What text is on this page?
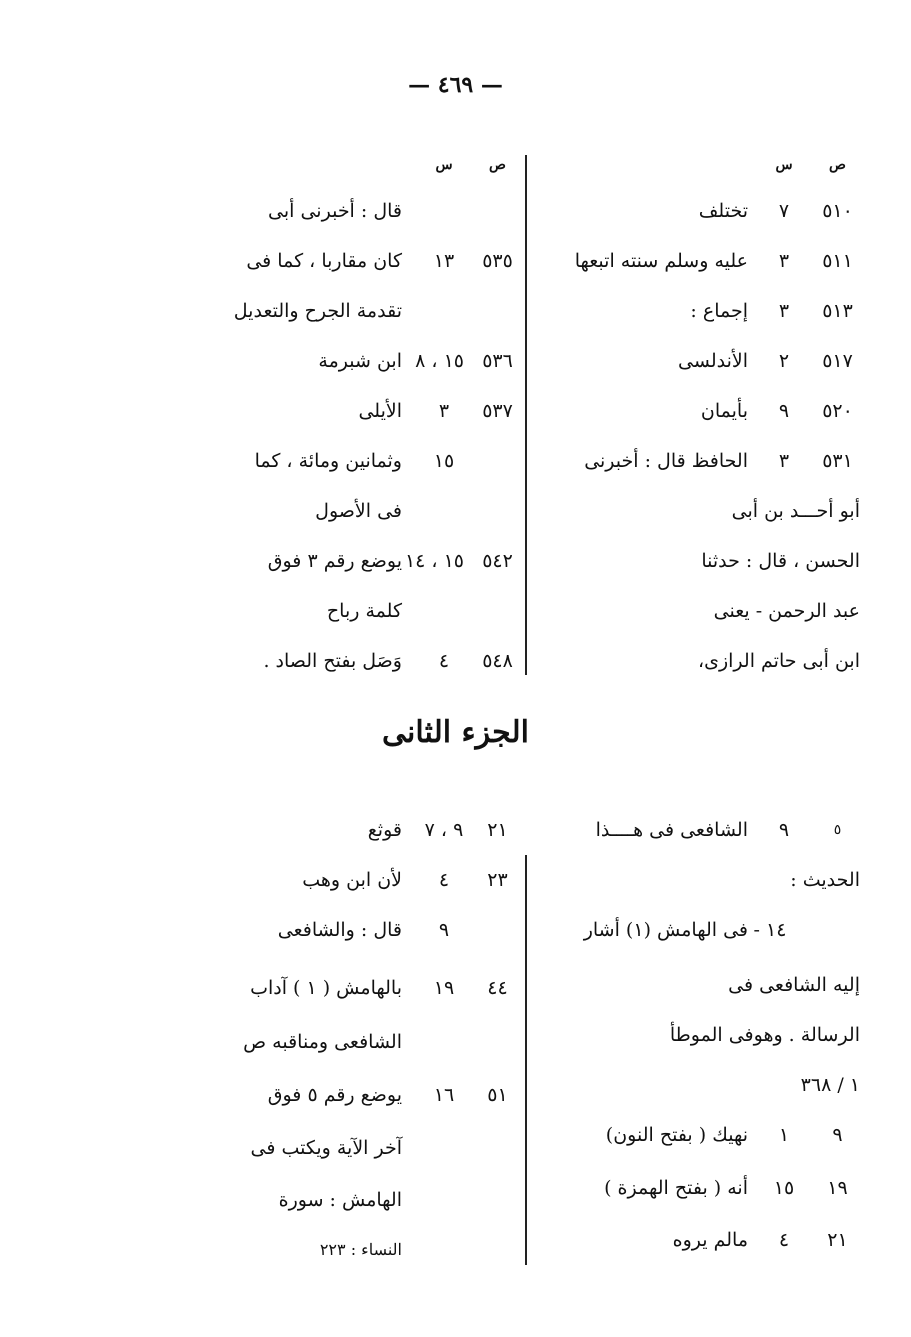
— ٤٦٩ —
ص
س
٥١٠
٧
تختلف
٥١١
٣
عليه وسلم سنته اتبعها
٥١٣
٣
إجماع :
٥١٧
٢
الأندلسى
٥٢٠
٩
بأيمان
٥٣١
٣
الحافظ قال : أخبرنى
أبو أحـــد بن أبى
الحسن ، قال : حدثنا
عبد الرحمن - يعنى
ابن أبى حاتم الرازى،
ص
س
قال : أخبرنى أبى
٥٣٥
١٣
كان مقاربا ، كما فى
تقدمة الجرح والتعديل
٥٣٦
١٥ ، ٨
ابن شبرمة
٥٣٧
٣
الأيلى
١٥
وثمانين ومائة ، كما
فى الأصول
٥٤٢
١٥ ، ١٤
يوضع رقم ٣ فوق
كلمة رباح
٥٤٨
٤
وَصَل بفتح الصاد .
الجزء الثانى
٥
٩
الشافعى فى هــــذا
الحديث :
١٤ -
فى الهامش (١) أشار
إليه الشافعى فى
الرسالة . وهوفى الموطأ
١ / ٣٦٨
٩
١
نهيك ( بفتح النون)
١٩
١٥
أنه ( بفتح الهمزة )
٢١
٤
مالم يروه
٢١
٩ ، ٧
قوثع
٢٣
٤
لأن ابن وهب
٩
قال : والشافعى
٤٤
١٩
بالهامش ( ١ ) آداب
الشافعى ومناقبه ص
٥١
١٦
يوضع رقم ٥ فوق
آخر الآية ويكتب فى
الهامش : سورة
النساء : ٢٢٣
